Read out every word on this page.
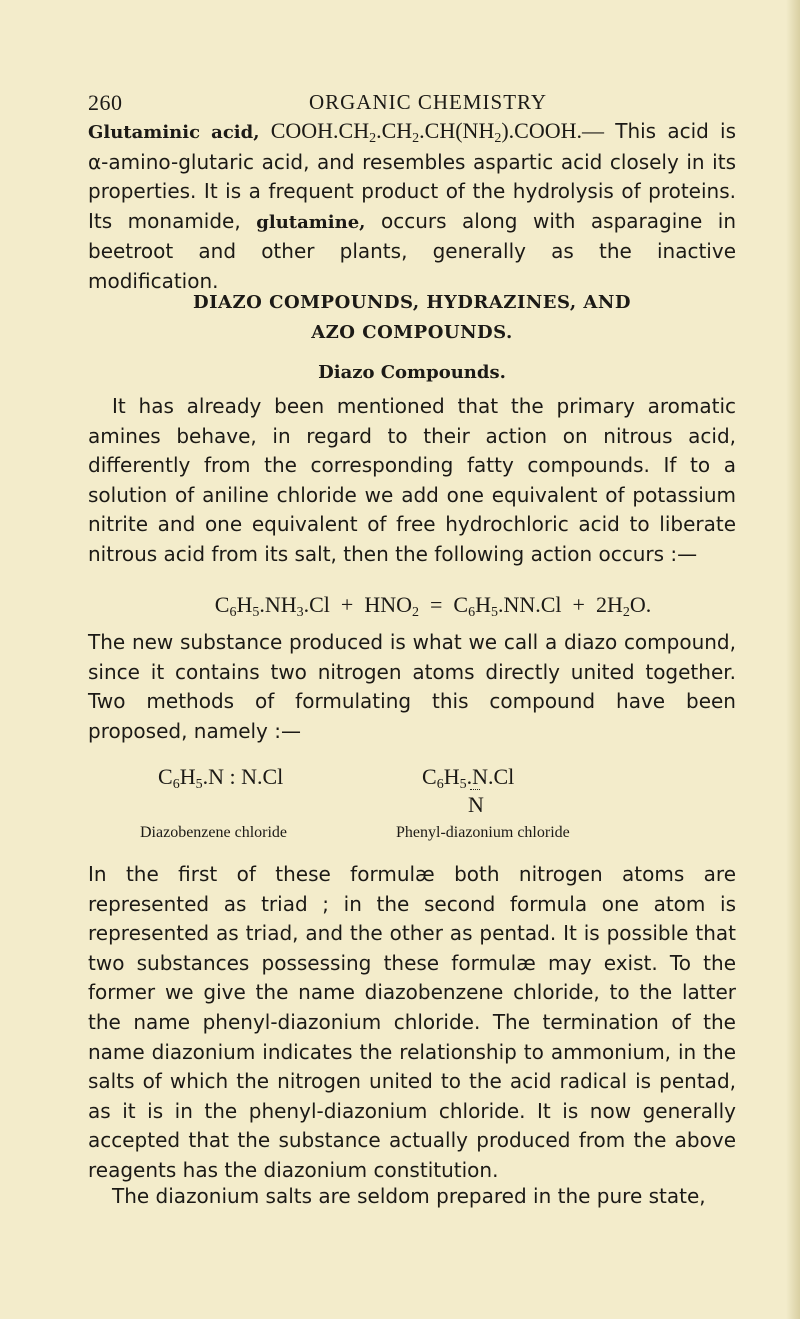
260	ORGANIC CHEMISTRY
Glutaminic acid, $COOH.CH_2.CH_2.CH(NH_2).COOH.—$ This acid is α-amino-glutaric acid, and resembles aspartic acid closely in its properties. It is a frequent product of the hydrolysis of proteins. Its monamide, glutamine, occurs along with asparagine in beetroot and other plants, generally as the inactive modification.
DIAZO COMPOUNDS, HYDRAZINES, AND
AZO COMPOUNDS.
Diazo Compounds.
It has already been mentioned that the primary aromatic amines behave, in regard to their action on nitrous acid, differently from the corresponding fatty compounds. If to a solution of aniline chloride we add one equivalent of potassium nitrite and one equivalent of free hydrochloric acid to liberate nitrous acid from its salt, then the following action occurs :—
$C_6H_5.NH_3.Cl + HNO_2 = C_6H_5.NN.Cl + 2H_2O$.
The new substance produced is what we call a diazo compound, since it contains two nitrogen atoms directly united together. Two methods of formulating this compound have been proposed, namely :—
$C_6H_5.N$ : N.Cl	$C_6H_5.N.Cl$
N
Diazobenzene chloride	Phenyl-diazonium chloride
In the first of these formulæ both nitrogen atoms are represented as triad ; in the second formula one atom is represented as triad, and the other as pentad. It is possible that two substances possessing these formulæ may exist. To the former we give the name diazobenzene chloride, to the latter the name phenyl-diazonium chloride. The termination of the name diazonium indicates the relationship to ammonium, in the salts of which the nitrogen united to the acid radical is pentad, as it is in the phenyl-diazonium chloride. It is now generally accepted that the substance actually produced from the above reagents has the diazonium constitution.
The diazonium salts are seldom prepared in the pure state,
